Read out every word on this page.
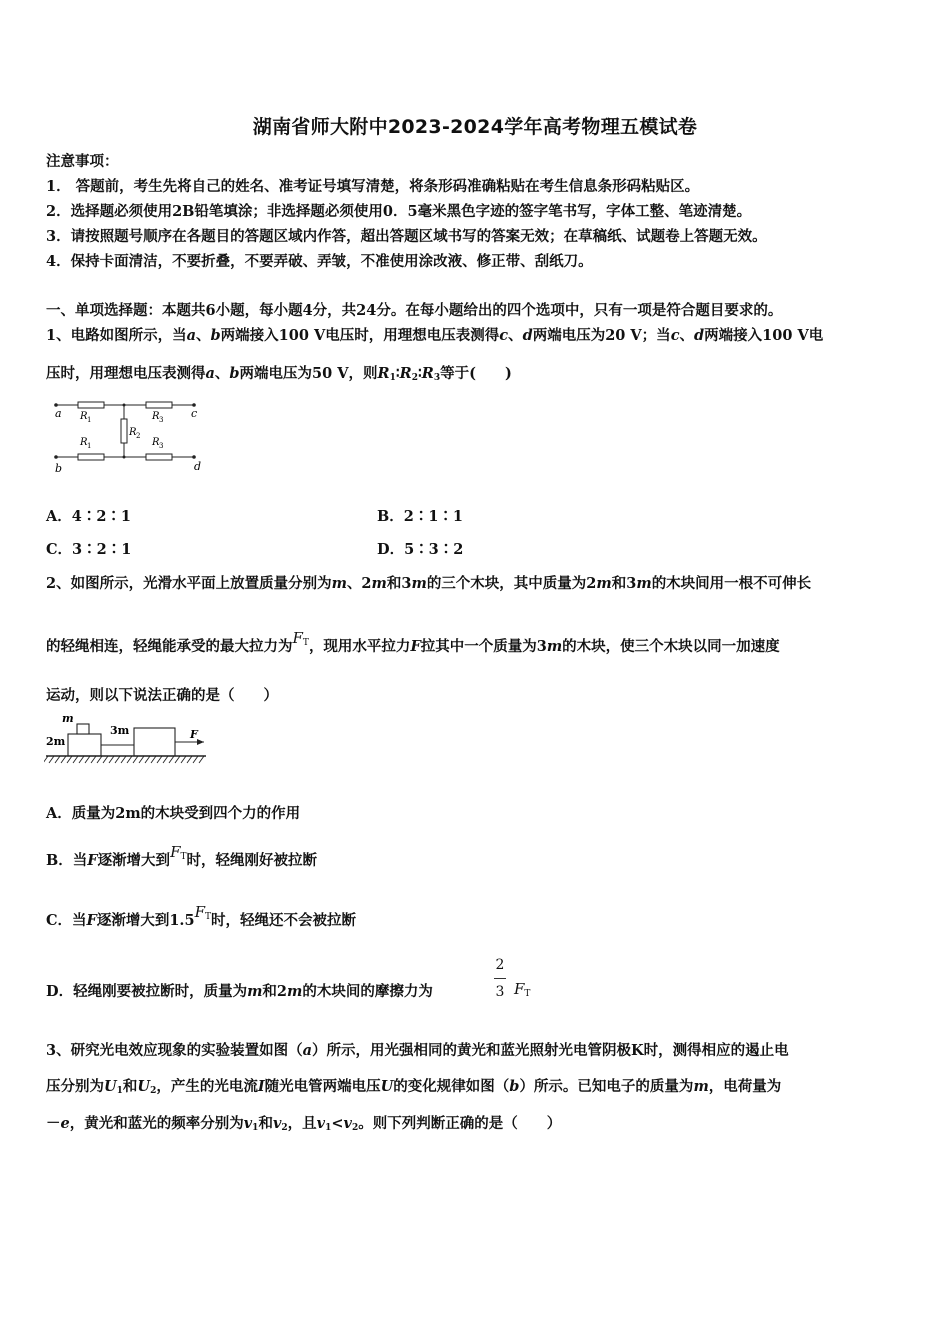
湖南省师大附中2023-2024学年高考物理五模试卷
注意事项：
1． 答题前，考生先将自己的姓名、准考证号填写清楚，将条形码准确粘贴在考生信息条形码粘贴区。
2．选择题必须使用2B铅笔填涂；非选择题必须使用0．5毫米黑色字迹的签字笔书写，字体工整、笔迹清楚。
3．请按照题号顺序在各题目的答题区域内作答，超出答题区域书写的答案无效；在草稿纸、试题卷上答题无效。
4．保持卡面清洁，不要折叠，不要弄破、弄皱，不准使用涂改液、修正带、刮纸刀。
一、单项选择题：本题共6小题，每小题4分，共24分。在每小题给出的四个选项中，只有一项是符合题目要求的。
1、电路如图所示，当a、b两端接入100 V电压时，用理想电压表测得c、d两端电压为20 V；当c、d两端接入100 V电
压时，用理想电压表测得a、b两端电压为50 V，则$R_1∶R_2∶R_3$等于(　　)
a
b
c
d
R 1
R 1
R 2
R 3
R 3
A．4∶2∶1	B．2∶1∶1
C．3∶2∶1	D．5∶3∶2
2、如图所示，光滑水平面上放置质量分别为m、2m和3m的三个木块，其中质量为2m和3m的木块间用一根不可伸长
的轻绳相连，轻绳能承受的最大拉力为$F_T$，现用水平拉力F拉其中一个质量为3m的木块，使三个木块以同一加速度
运动，则以下说法正确的是（　　）
m
2m
3m	F
A．质量为2m的木块受到四个力的作用
B．当F逐渐增大到$F_T$时，轻绳刚好被拉断
C．当F逐渐增大到$1.5F_T$时，轻绳还不会被拉断
D．轻绳刚要被拉断时，质量为m和2m的木块间的摩擦力为
2
3 $F_T$
3、研究光电效应现象的实验装置如图（a）所示，用光强相同的黄光和蓝光照射光电管阴极K时，测得相应的遏止电
压分别为$U_1$和$U_2$，产生的光电流I随光电管两端电压U的变化规律如图（b）所示。已知电子的质量为m，电荷量为
－e，黄光和蓝光的频率分别为$v_1$和$v_2$，且$v_1<v_2$。则下列判断正确的是（　　）
